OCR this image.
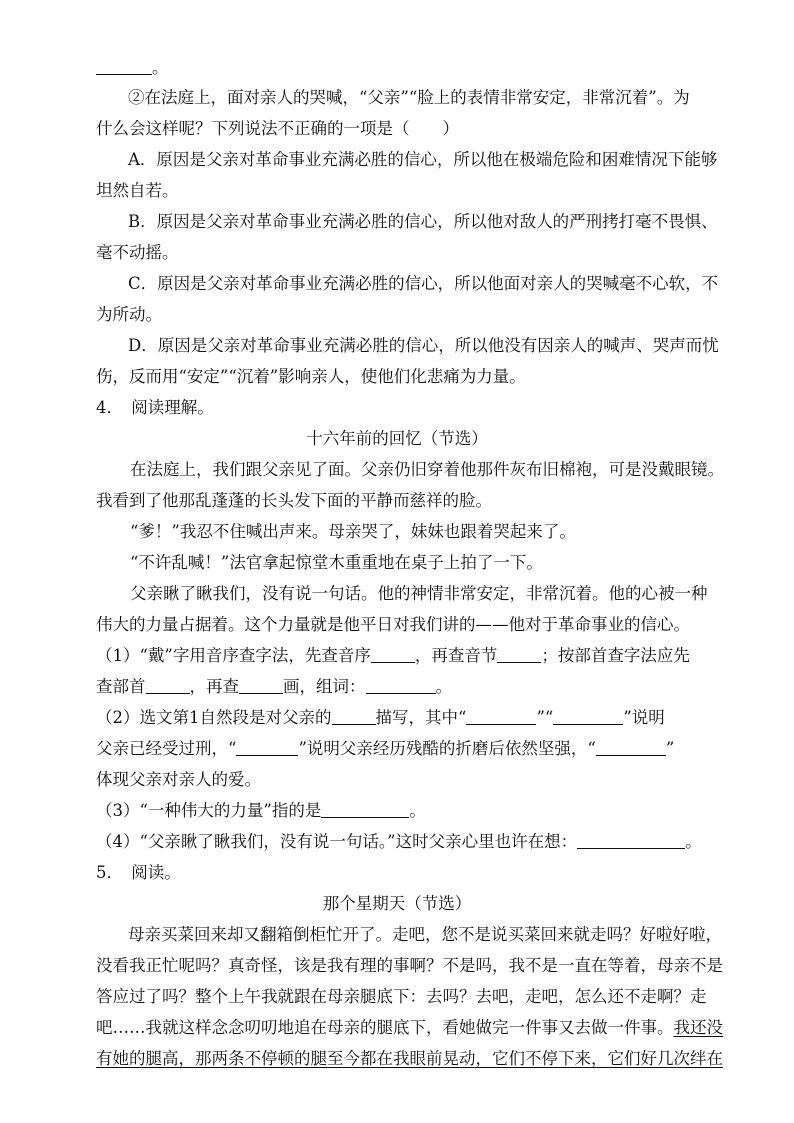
。
②在法庭上，面对亲人的哭喊，“父亲”“脸上的表情非常安定，非常沉着”。为
什么会这样呢？下列说法不正确的一项是（　　）
A．原因是父亲对革命事业充满必胜的信心，所以他在极端危险和困难情况下能够
坦然自若。
B．原因是父亲对革命事业充满必胜的信心，所以他对敌人的严刑拷打毫不畏惧、
毫不动摇。
C．原因是父亲对革命事业充满必胜的信心，所以他面对亲人的哭喊毫不心软，不
为所动。
D．原因是父亲对革命事业充满必胜的信心，所以他没有因亲人的喊声、哭声而忧
伤，反而用“安定”“沉着”影响亲人，使他们化悲痛为力量。
4．　阅读理解。
十六年前的回忆（节选）
在法庭上，我们跟父亲见了面。父亲仍旧穿着他那件灰布旧棉袍，可是没戴眼镜。
我看到了他那乱蓬蓬的长头发下面的平静而慈祥的脸。
“爹！”我忍不住喊出声来。母亲哭了，妹妹也跟着哭起来了。
“不许乱喊！”法官拿起惊堂木重重地在桌子上拍了一下。
父亲瞅了瞅我们，没有说一句话。他的神情非常安定，非常沉着。他的心被一种
伟大的力量占据着。这个力量就是他平日对我们讲的——他对于革命事业的信心。
（1）“戴”字用音序查字法，先查音序	，再查音节	；按部首查字法应先
查部首	，再查	画，组词：	。
（2）选文第1自然段是对父亲的	描写，其中“	”“	”说明
父亲已经受过刑，“	”说明父亲经历残酷的折磨后依然坚强，“	”
体现父亲对亲人的爱。
（3）“一种伟大的力量”指的是	。
（4）“父亲瞅了瞅我们，没有说一句话。”这时父亲心里也许在想：	。
5．　阅读。
那个星期天（节选）
母亲买菜回来却又翻箱倒柜忙开了。走吧，您不是说买菜回来就走吗？好啦好啦，
没看我正忙呢吗？真奇怪，该是我有理的事啊？不是吗，我不是一直在等着，母亲不是
答应过了吗？整个上午我就跟在母亲腿底下：去吗？去吧，走吧，怎么还不走啊？走
吧……我就这样念念叨叨地追在母亲的腿底下，看她做完一件事又去做一件事。我还没
有她的腿高，那两条不停顿的腿至今都在我眼前晃动，它们不停下来，它们好几次绊在
